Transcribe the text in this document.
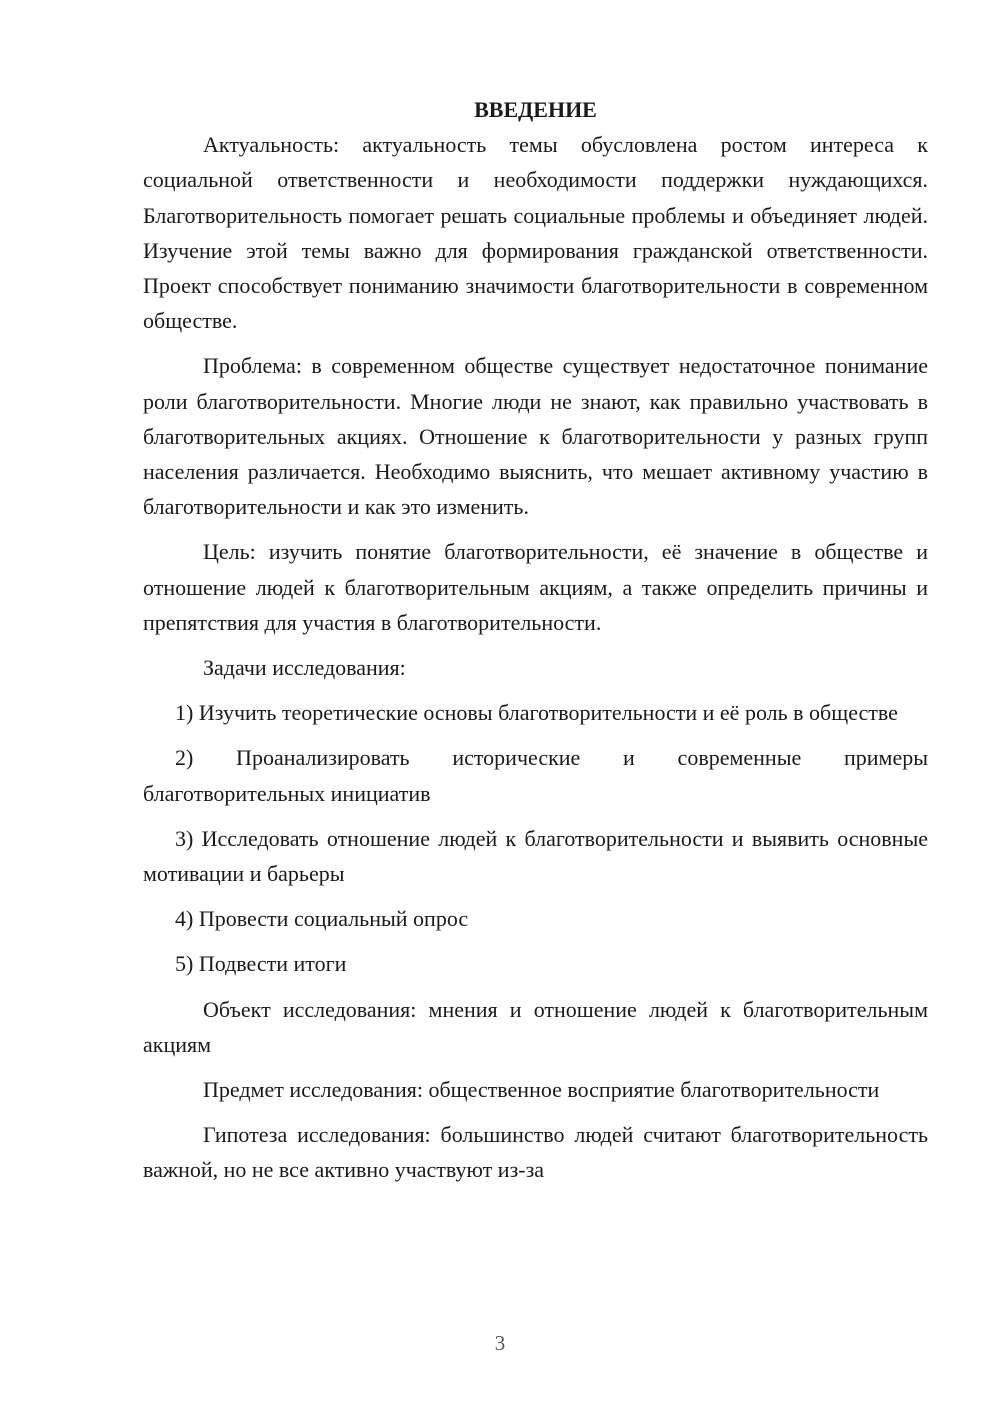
ВВЕДЕНИЕ

Актуальность: актуальность темы обусловлена ростом интереса к социальной ответственности и необходимости поддержки нуждающихся. Благотворительность помогает решать социальные проблемы и объединяет людей. Изучение этой темы важно для формирования гражданской ответственности. Проект способствует пониманию значимости благотворительности в современном обществе.

Проблема: в современном обществе существует недостаточное понимание роли благотворительности. Многие люди не знают, как правильно участвовать в благотворительных акциях. Отношение к благотворительности у разных групп населения различается. Необходимо выяснить, что мешает активному участию в благотворительности и как это изменить.

Цель: изучить понятие благотворительности, её значение в обществе и отношение людей к благотворительным акциям, а также определить причины и препятствия для участия в благотворительности.

Задачи исследования:

1) Изучить теоретические основы благотворительности и её роль в обществе

2) Проанализировать исторические и современные примеры благотворительных инициатив

3) Исследовать отношение людей к благотворительности и выявить основные мотивации и барьеры

4) Провести социальный опрос

5) Подвести итоги

Объект исследования: мнения и отношение людей к благотворительным акциям

Предмет исследования: общественное восприятие благотворительности

Гипотеза исследования: большинство людей считают благотворительность важной, но не все активно участвуют из-за

3
